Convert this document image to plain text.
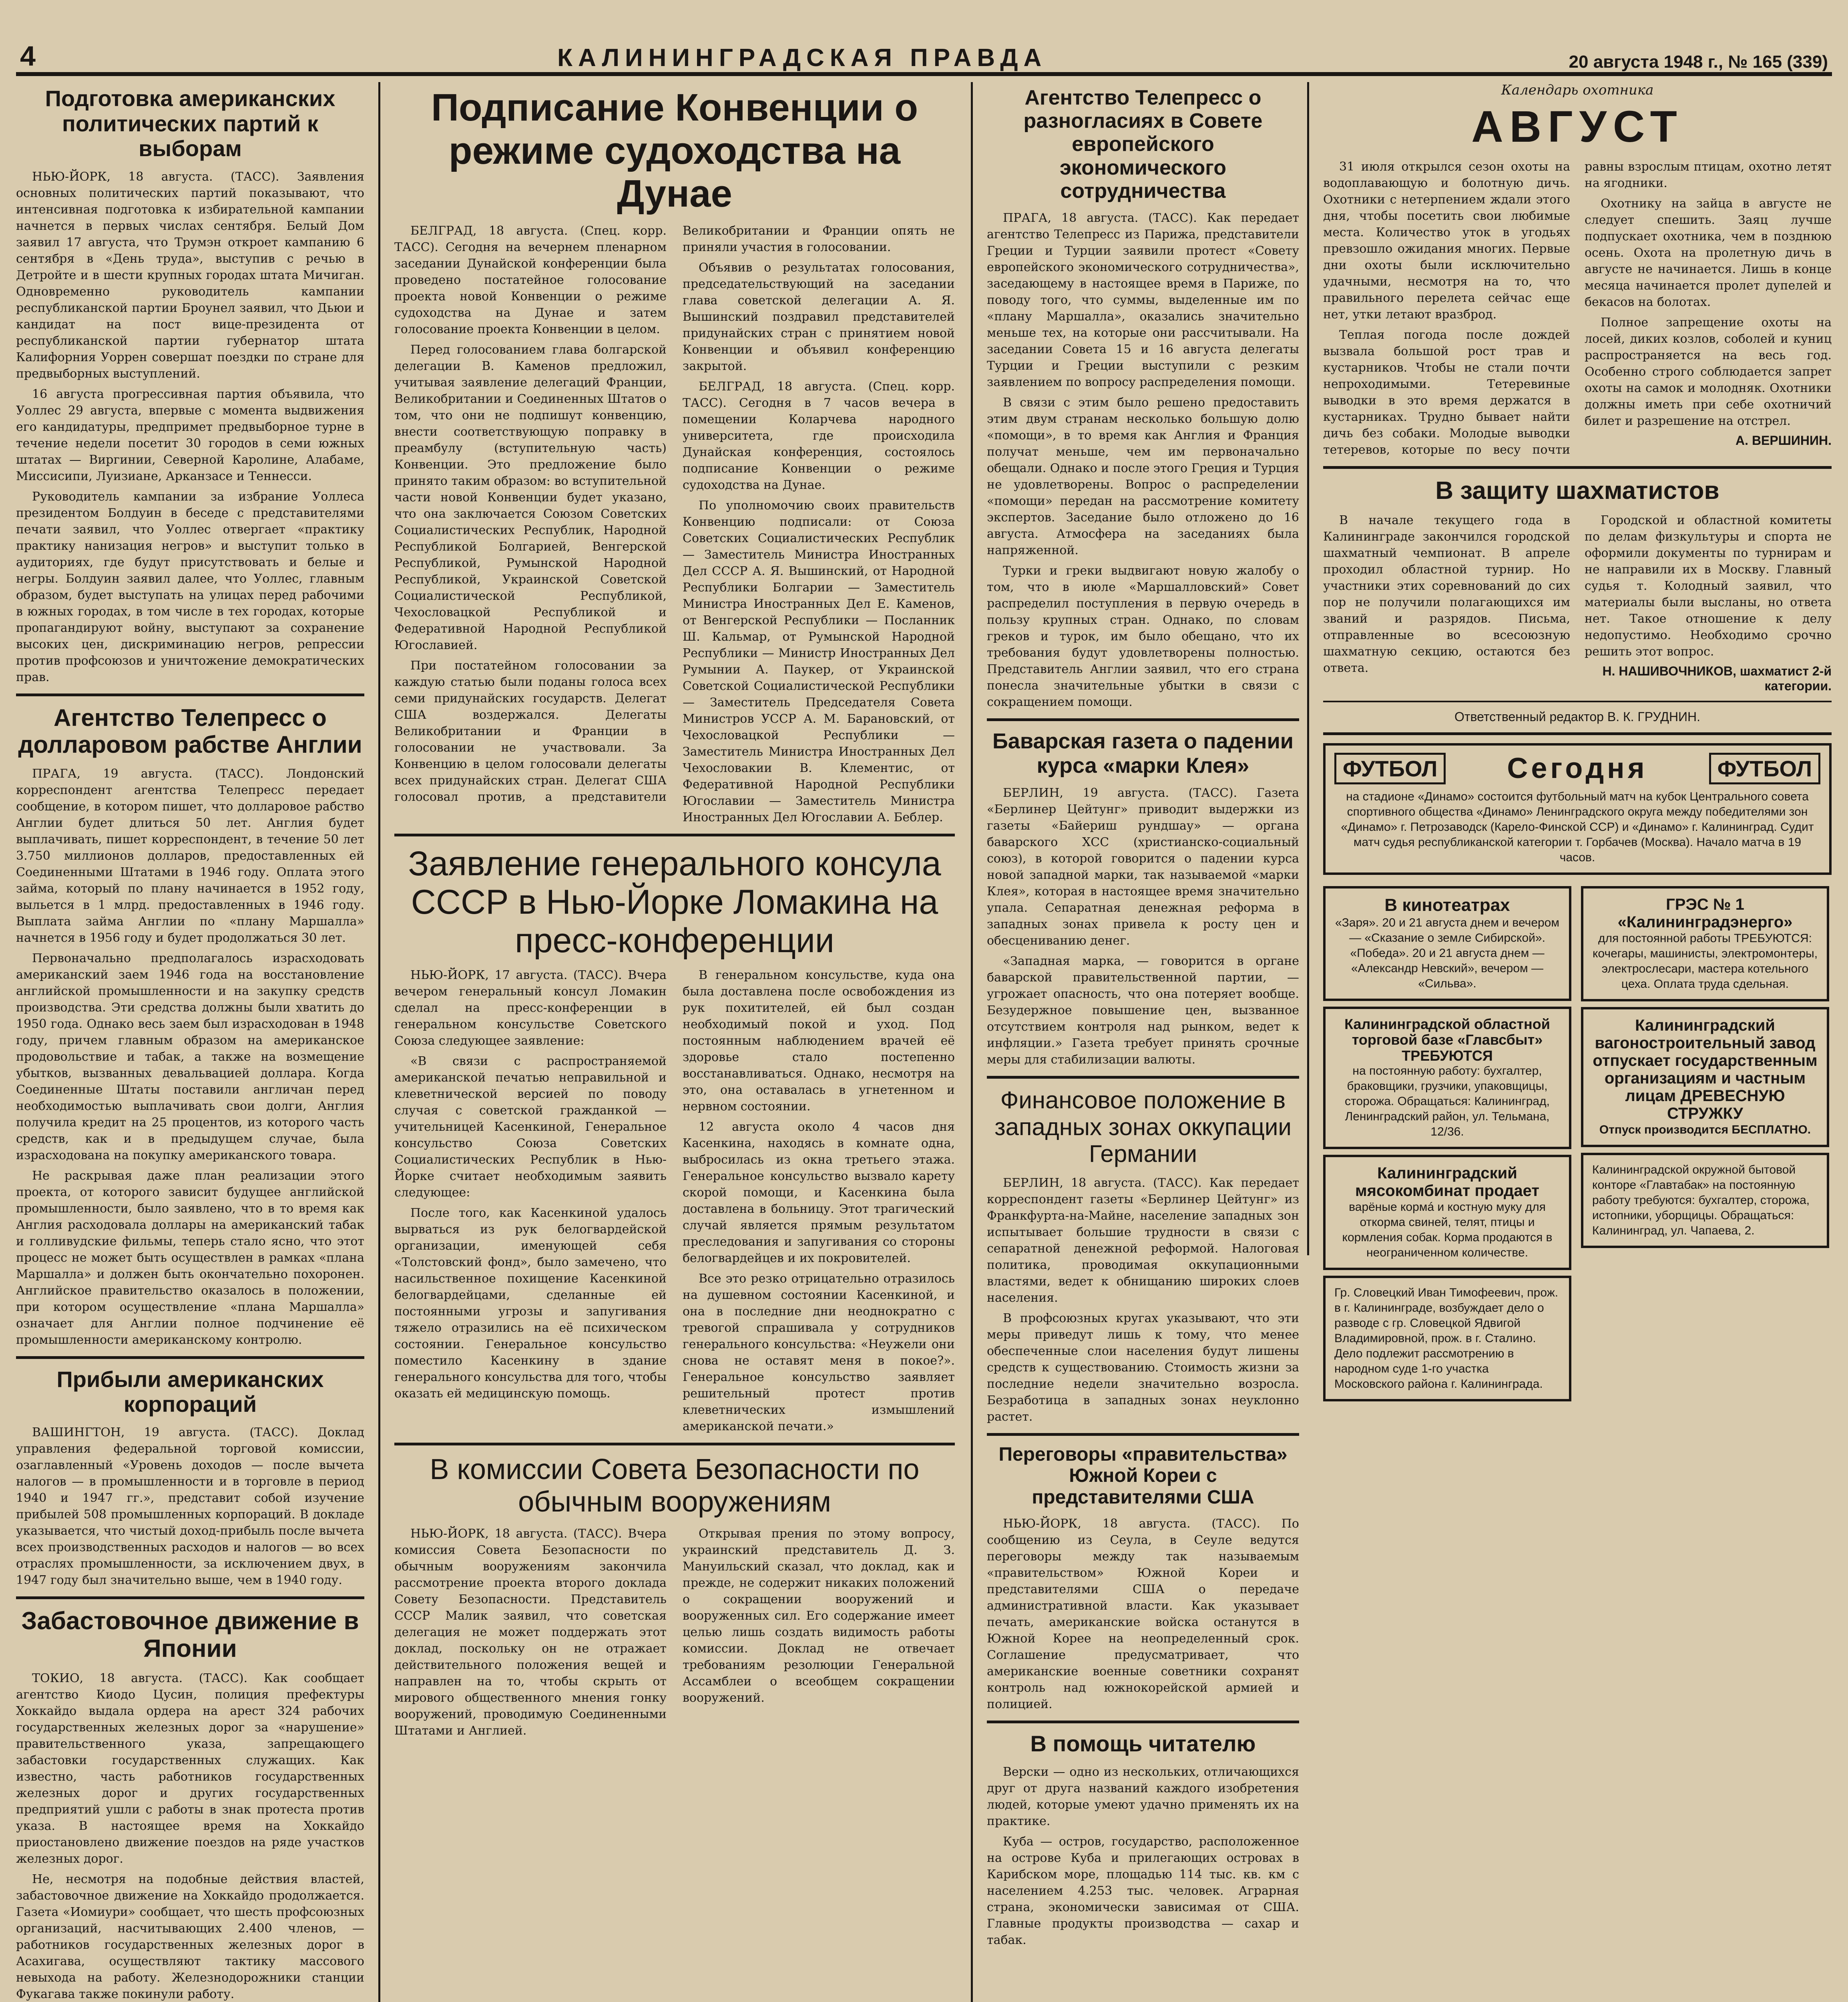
4	КАЛИНИНГРАДСКАЯ ПРАВДА	20 августа 1948 г., № 165 (339)
Подготовка американских политических партий к выборам

НЬЮ-ЙОРК, 18 августа. (ТАСС). Заявления основных политических партий показывают, что интенсивная подготовка к избирательной кампании начнется в первых числах сентября. Белый Дом заявил 17 августа, что Трумэн откроет кампанию 6 сентября в «День труда», выступив с речью в Детройте и в шести крупных городах штата Мичиган. Одновременно руководитель кампании республиканской партии Броунел заявил, что Дьюи и кандидат на пост вице-президента от республиканской партии губернатор штата Калифорния Уоррен совершат поездки по стране для предвыборных выступлений.

16 августа прогрессивная партия объявила, что Уоллес 29 августа, впервые с момента выдвижения его кандидатуры, предпримет предвыборное турне в течение недели посетит 30 городов в семи южных штатах — Виргинии, Северной Каролине, Алабаме, Миссисипи, Луизиане, Арканзасе и Теннесси.

Руководитель кампании за избрание Уоллеса президентом Болдуин в беседе с представителями печати заявил, что Уоллес отвергает «практику практику нанизация негров» и выступит только в аудиториях, где будут присутствовать и белые и негры. Болдуин заявил далее, что Уоллес, главным образом, будет выступать на улицах перед рабочими в южных городах, в том числе в тех городах, которые пропагандируют войну, выступают за сохранение высоких цен, дискриминацию негров, репрессии против профсоюзов и уничтожение демократических прав.

Агентство Телепресс о долларовом рабстве Англии

ПРАГА, 19 августа. (ТАСС). Лондонский корреспондент агентства Телепресс передает сообщение, в котором пишет, что долларовое рабство Англии будет длиться 50 лет. Англия будет выплачивать, пишет корреспондент, в течение 50 лет 3.750 миллионов долларов, предоставленных ей Соединенными Штатами в 1946 году. Оплата этого займа, который по плану начинается в 1952 году, выльется в 1 млрд. предоставленных в 1946 году. Выплата займа Англии по «плану Маршалла» начнется в 1956 году и будет продолжаться 30 лет.

Первоначально предполагалось израсходовать американский заем 1946 года на восстановление английской промышленности и на закупку средств производства. Эти средства должны были хватить до 1950 года. Однако весь заем был израсходован в 1948 году, причем главным образом на американское продовольствие и табак, а также на возмещение убытков, вызванных девальвацией доллара. Когда Соединенные Штаты поставили англичан перед необходимостью выплачивать свои долги, Англия получила кредит на 25 процентов, из которого часть средств, как и в предыдущем случае, была израсходована на покупку американского товара.

Не раскрывая даже план реализации этого проекта, от которого зависит будущее английской промышленности, было заявлено, что в то время как Англия расходовала доллары на американский табак и голливудские фильмы, теперь стало ясно, что этот процесс не может быть осуществлен в рамках «плана Маршалла» и должен быть окончательно похоронен. Английское правительство оказалось в положении, при котором осуществление «плана Маршалла» означает для Англии полное подчинение её промышленности американскому контролю.

Прибыли американских корпораций

ВАШИНГТОН, 19 августа. (ТАСС). Доклад управления федеральной торговой комиссии, озаглавленный «Уровень доходов — после вычета налогов — в промышленности и в торговле в период 1940 и 1947 гг.», представит собой изучение прибылей 508 промышленных корпораций. В докладе указывается, что чистый доход-прибыль после вычета всех производственных расходов и налогов — во всех отраслях промышленности, за исключением двух, в 1947 году был значительно выше, чем в 1940 году.

Забастовочное движение в Японии

ТОКИО, 18 августа. (ТАСС). Как сообщает агентство Киодо Цусин, полиция префектуры Хоккайдо выдала ордера на арест 324 рабочих государственных железных дорог за «нарушение» правительственного указа, запрещающего забастовки государственных служащих. Как известно, часть работников государственных железных дорог и других государственных предприятий ушли с работы в знак протеста против указа. В настоящее время на Хоккайдо приостановлено движение поездов на ряде участков железных дорог.

Не, несмотря на подобные действия властей, забастовочное движение на Хоккайдо продолжается. Газета «Иомиури» сообщает, что шесть профсоюзных организаций, насчитывающих 2.400 членов, — работников государственных железных дорог в Асахигава, осуществляют тактику массового невыхода на работу. Железнодорожники станции Фукагава также покинули работу.

Подписание Конвенции о режиме судоходства на Дунае

БЕЛГРАД, 18 августа. (Спец. корр. ТАСС). Сегодня на вечернем пленарном заседании Дунайской конференции была проведено постатейное голосование проекта новой Конвенции о режиме судоходства на Дунае и затем голосование проекта Конвенции в целом.

Перед голосованием глава болгарской делегации В. Каменов предложил, учитывая заявление делегаций Франции, Великобритании и Соединенных Штатов о том, что они не подпишут конвенцию, внести соответствующую поправку в преамбулу (вступительную часть) Конвенции. Это предложение было принято таким образом: во вступительной части новой Конвенции будет указано, что она заключается Союзом Советских Социалистических Республик, Народной Республикой Болгарией, Венгерской Республикой, Румынской Народной Республикой, Украинской Советской Социалистической Республикой, Чехословацкой Республикой и Федеративной Народной Республикой Югославией.

При постатейном голосовании за каждую статью были поданы голоса всех семи придунайских государств. Делегат США воздержался. Делегаты Великобритании и Франции в голосовании не участвовали. За Конвенцию в целом голосовали делегаты всех придунайских стран. Делегат США голосовал против, а представители Великобритании и Франции опять не приняли участия в голосовании.

Объявив о результатах голосования, председательствующий на заседании глава советской делегации А. Я. Вышинский поздравил представителей придунайских стран с принятием новой Конвенции и объявил конференцию закрытой.

БЕЛГРАД, 18 августа. (Спец. корр. ТАСС). Сегодня в 7 часов вечера в помещении Коларчева народного университета, где происходила Дунайская конференция, состоялось подписание Конвенции о режиме судоходства на Дунае.

По уполномочию своих правительств Конвенцию подписали: от Союза Советских Социалистических Республик — Заместитель Министра Иностранных Дел СССР А. Я. Вышинский, от Народной Республики Болгарии — Заместитель Министра Иностранных Дел Е. Каменов, от Венгерской Республики — Посланник Ш. Кальмар, от Румынской Народной Республики — Министр Иностранных Дел Румынии А. Паукер, от Украинской Советской Социалистической Республики — Заместитель Председателя Совета Министров УССР А. М. Барановский, от Чехословацкой Республики — Заместитель Министра Иностранных Дел Чехословакии В. Клементис, от Федеративной Народной Республики Югославии — Заместитель Министра Иностранных Дел Югославии А. Беблер.

Заявление генерального консула СССР в Нью-Йорке Ломакина на пресс-конференции

НЬЮ-ЙОРК, 17 августа. (ТАСС). Вчера вечером генеральный консул Ломакин сделал на пресс-конференции в генеральном консульстве Советского Союза следующее заявление:

«В связи с распространяемой американской печатью неправильной и клеветнической версией по поводу случая с советской гражданкой — учительницей Касенкиной, Генеральное консульство Союза Советских Социалистических Республик в Нью-Йорке считает необходимым заявить следующее:

После того, как Касенкиной удалось вырваться из рук белогвардейской организации, именующей себя «Толстовский фонд», было замечено, что насильственное похищение Касенкиной белогвардейцами, сделанные ей постоянными угрозы и запугивания тяжело отразились на её психическом состоянии. Генеральное консульство поместило Касенкину в здание генерального консульства для того, чтобы оказать ей медицинскую помощь.

В генеральном консульстве, куда она была доставлена после освобождения из рук похитителей, ей был создан необходимый покой и уход. Под постоянным наблюдением врачей её здоровье стало постепенно восстанавливаться. Однако, несмотря на это, она оставалась в угнетенном и нервном состоянии.

12 августа около 4 часов дня Касенкина, находясь в комнате одна, выбросилась из окна третьего этажа. Генеральное консульство вызвало карету скорой помощи, и Касенкина была доставлена в больницу. Этот трагический случай является прямым результатом преследования и запугивания со стороны белогвардейцев и их покровителей.

Все это резко отрицательно отразилось на душевном состоянии Касенкиной, и она в последние дни неоднократно с тревогой спрашивала у сотрудников генерального консульства: «Неужели они снова не оставят меня в покое?». Генеральное консульство заявляет решительный протест против клеветнических измышлений американской печати.»

В комиссии Совета Безопасности по обычным вооружениям

НЬЮ-ЙОРК, 18 августа. (ТАСС). Вчера комиссия Совета Безопасности по обычным вооружениям закончила рассмотрение проекта второго доклада Совету Безопасности. Представитель СССР Малик заявил, что советская делегация не может поддержать этот доклад, поскольку он не отражает действительного положения вещей и направлен на то, чтобы скрыть от мирового общественного мнения гонку вооружений, проводимую Соединенными Штатами и Англией.

Открывая прения по этому вопросу, украинский представитель Д. З. Мануильский сказал, что доклад, как и прежде, не содержит никаких положений о сокращении вооружений и вооруженных сил. Его содержание имеет целью лишь создать видимость работы комиссии. Доклад не отвечает требованиям резолюции Генеральной Ассамблеи о всеобщем сокращении вооружений.

Агентство Телепресс о разногласиях в Совете европейского экономического сотрудничества

ПРАГА, 18 августа. (ТАСС). Как передает агентство Телепресс из Парижа, представители Греции и Турции заявили протест «Совету европейского экономического сотрудничества», заседающему в настоящее время в Париже, по поводу того, что суммы, выделенные им по «плану Маршалла», оказались значительно меньше тех, на которые они рассчитывали. На заседании Совета 15 и 16 августа делегаты Турции и Греции выступили с резким заявлением по вопросу распределения помощи.

В связи с этим было решено предоставить этим двум странам несколько большую долю «помощи», в то время как Англия и Франция получат меньше, чем им первоначально обещали. Однако и после этого Греция и Турция не удовлетворены. Вопрос о распределении «помощи» передан на рассмотрение комитету экспертов. Заседание было отложено до 16 августа. Атмосфера на заседаниях была напряженной.

Турки и греки выдвигают новую жалобу о том, что в июле «Маршалловский» Совет распределил поступления в первую очередь в пользу крупных стран. Однако, по словам греков и турок, им было обещано, что их требования будут удовлетворены полностью. Представитель Англии заявил, что его страна понесла значительные убытки в связи с сокращением помощи.

Баварская газета о падении курса «марки Клея»

БЕРЛИН, 19 августа. (ТАСС). Газета «Берлинер Цейтунг» приводит выдержки из газеты «Байериш рундшау» — органа баварского ХСС (христианско-социальный союз), в которой говорится о падении курса новой западной марки, так называемой «марки Клея», которая в настоящее время значительно упала. Сепаратная денежная реформа в западных зонах привела к росту цен и обесцениванию денег.

«Западная марка, — говорится в органе баварской правительственной партии, — угрожает опасность, что она потеряет вообще. Безудержное повышение цен, вызванное отсутствием контроля над рынком, ведет к инфляции.» Газета требует принять срочные меры для стабилизации валюты.

Финансовое положение в западных зонах оккупации Германии

БЕРЛИН, 18 августа. (ТАСС). Как передает корреспондент газеты «Берлинер Цейтунг» из Франкфурта-на-Майне, население западных зон испытывает большие трудности в связи с сепаратной денежной реформой. Налоговая политика, проводимая оккупационными властями, ведет к обнищанию широких слоев населения.

В профсоюзных кругах указывают, что эти меры приведут лишь к тому, что менее обеспеченные слои населения будут лишены средств к существованию. Стоимость жизни за последние недели значительно возросла. Безработица в западных зонах неуклонно растет.

Переговоры «правительства» Южной Кореи с представителями США

НЬЮ-ЙОРК, 18 августа. (ТАСС). По сообщению из Сеула, в Сеуле ведутся переговоры между так называемым «правительством» Южной Кореи и представителями США о передаче административной власти. Как указывает печать, американские войска останутся в Южной Корее на неопределенный срок. Соглашение предусматривает, что американские военные советники сохранят контроль над южнокорейской армией и полицией.

В помощь читателю

Верски — одно из нескольких, отличающихся друг от друга названий каждого изобретения людей, которые умеют удачно применять их на практике.

Куба — остров, государство, расположенное на острове Куба и прилегающих островах в Карибском море, площадью 114 тыс. кв. км с населением 4.253 тыс. человек. Аграрная страна, экономически зависимая от США. Главные продукты производства — сахар и табак.

Календарь охотника
АВГУСТ

31 июля открылся сезон охоты на водоплавающую и болотную дичь. Охотники с нетерпением ждали этого дня, чтобы посетить свои любимые места. Количество уток в угодьях превзошло ожидания многих. Первые дни охоты были исключительно удачными, несмотря на то, что правильного перелета сейчас еще нет, утки летают вразброд.

Теплая погода после дождей вызвала большой рост трав и кустарников. Чтобы не стали почти непроходимыми. Тетеревиные выводки в это время держатся в кустарниках. Трудно бывает найти дичь без собаки. Молодые выводки тетеревов, которые по весу почти равны взрослым птицам, охотно летят на ягодники.

Охотнику на зайца в августе не следует спешить. Заяц лучше подпускает охотника, чем в позднюю осень. Охота на пролетную дичь в августе не начинается. Лишь в конце месяца начинается пролет дупелей и бекасов на болотах.

Полное запрещение охоты на лосей, диких козлов, соболей и куниц распространяется на весь год. Особенно строго соблюдается запрет охоты на самок и молодняк. Охотники должны иметь при себе охотничий билет и разрешение на отстрел.

А. ВЕРШИНИН.
В защиту шахматистов

В начале текущего года в Калининграде закончился городской шахматный чемпионат. В апреле проходил областной турнир. Но участники этих соревнований до сих пор не получили полагающихся им званий и разрядов. Письма, отправленные во всесоюзную шахматную секцию, остаются без ответа.

Городской и областной комитеты по делам физкультуры и спорта не оформили документы по турнирам и не направили их в Москву. Главный судья т. Колодный заявил, что материалы были высланы, но ответа нет. Такое отношение к делу недопустимо. Необходимо срочно решить этот вопрос.

Н. НАШИВОЧНИКОВ, шахматист 2-й категории.
Ответственный редактор В. К. ГРУДНИН.
ФУТБОЛ Сегодня	ФУТБОЛ
на стадионе «Динамо» состоится футбольный матч на кубок Центрального совета спортивного общества «Динамо» Ленинградского округа между победителями зон «Динамо» г. Петрозаводск (Карело-Финской ССР) и «Динамо» г. Калининград. Судит матч судья республиканской категории т. Горбачев (Москва). Начало матча в 19 часов.
В кинотеатрах
«Заря». 20 и 21 августа днем и вечером — «Сказание о земле Сибирской». «Победа». 20 и 21 августа днем — «Александр Невский», вечером — «Сильва».
Калининградской областной торговой базе «Главсбыт» ТРЕБУЮТСЯ
на постоянную работу: бухгалтер, браковщики, грузчики, упаковщицы, сторожа. Обращаться: Калининград, Ленинградский район, ул. Тельмана, 12/36.
Калининградский мясокомбинат продает
варёные кормá и костную муку для откорма свиней, телят, птицы и кормления собак. Корма продаются в неограниченном количестве.
Гр. Словецкий Иван Тимофеевич, прож. в г. Калининграде, возбуждает дело о разводе с гр. Словецкой Ядвигой Владимировной, прож. в г. Сталино. Дело подлежит рассмотрению в народном суде 1-го участка Московского района г. Калининграда.
ГРЭС № 1 «Калининградэнерго»
для постоянной работы ТРЕБУЮТСЯ: кочегары, машинисты, электромонтеры, электрослесари, мастера котельного цеха. Оплата труда сдельная.
Калининградский вагоностроительный завод отпускает государственным организациям и частным лицам ДРЕВЕСНУЮ СТРУЖКУ
Отпуск производится БЕСПЛАТНО.
Калининградской окружной бытовой конторе «Главтабак» на постоянную работу требуются: бухгалтер, сторожа, истопники, уборщицы. Обращаться: Калининград, ул. Чапаева, 2.
